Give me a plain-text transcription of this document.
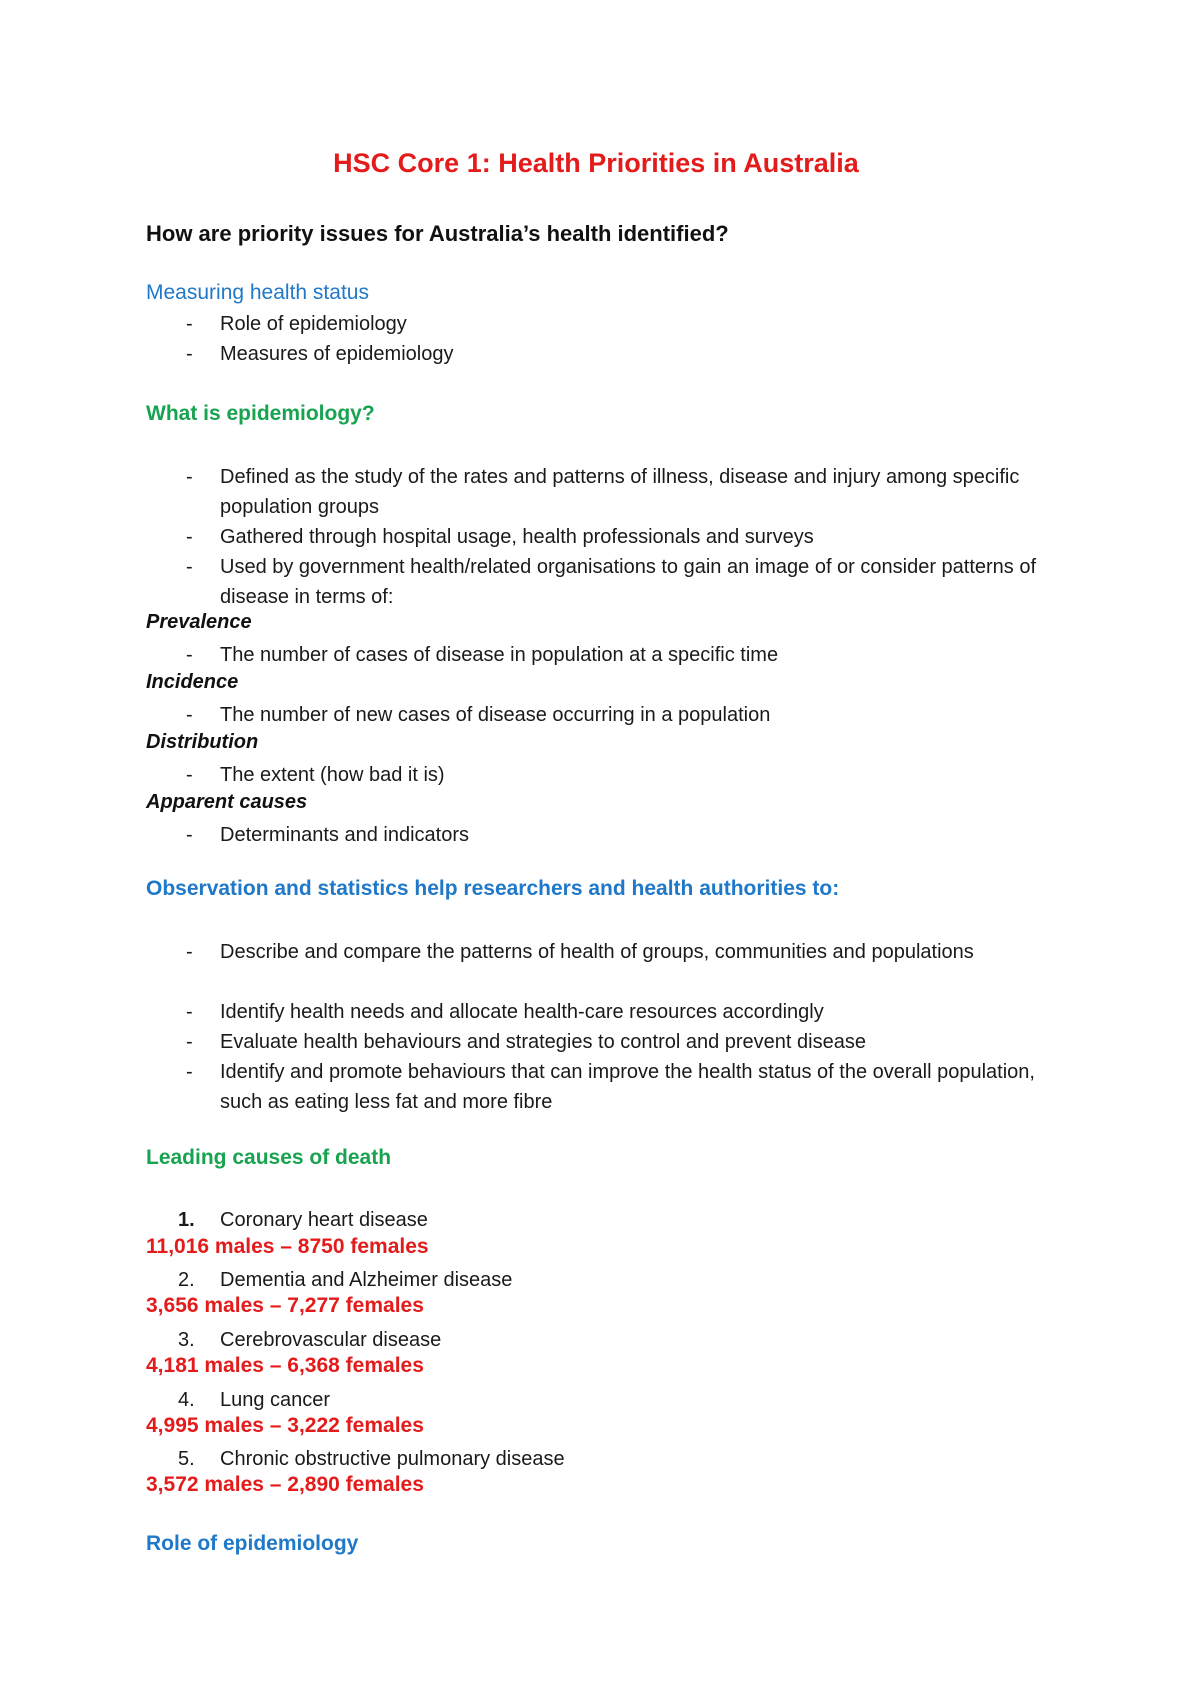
HSC Core 1: Health Priorities in Australia
How are priority issues for Australia’s health identified?
Measuring health status
-	Role of epidemiology
-	Measures of epidemiology
What is epidemiology?
-	Defined as the study of the rates and patterns of illness, disease and injury among specific population groups
-	Gathered through hospital usage, health professionals and surveys
-	Used by government health/related organisations to gain an image of or consider patterns of disease in terms of:
Prevalence
-	The number of cases of disease in population at a specific time
Incidence
-	The number of new cases of disease occurring in a population
Distribution
-	The extent (how bad it is)
Apparent causes
-	Determinants and indicators
Observation and statistics help researchers and health authorities to:
-	Describe and compare the patterns of health of groups, communities and populations
-	Identify health needs and allocate health-care resources accordingly
-	Evaluate health behaviours and strategies to control and prevent disease
-	Identify and promote behaviours that can improve the health status of the overall population, such as eating less fat and more fibre
Leading causes of death
1. Coronary heart disease
11,016 males – 8750 females
2. Dementia and Alzheimer disease
3,656 males – 7,277 females
3. Cerebrovascular disease
4,181 males – 6,368 females
4. Lung cancer
4,995 males – 3,222 females
5. Chronic obstructive pulmonary disease
3,572 males – 2,890 females
Role of epidemiology
